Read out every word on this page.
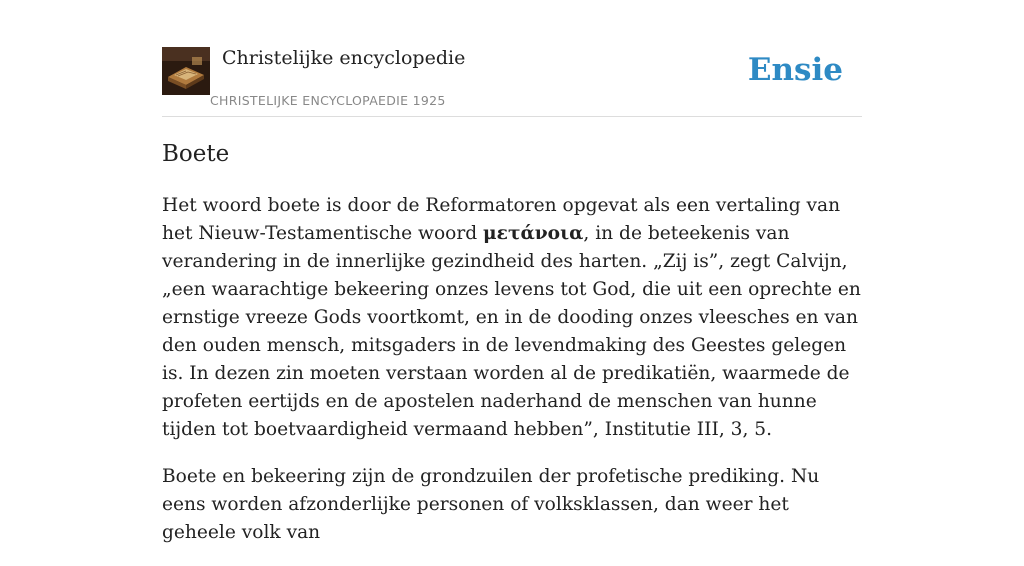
Christelijke encyclopedie
CHRISTELIJKE ENCYCLOPAEDIE 1925
Ensie
Boete

Het woord boete is door de Reformatoren opgevat als een vertaling van het Nieuw-Testamentische woord μετάνοια, in de beteekenis van verandering in de innerlijke gezindheid des harten. „Zij is”, zegt Calvijn, „een waarachtige bekeering onzes levens tot God, die uit een oprechte en ernstige vreeze Gods voortkomt, en in de dooding onzes vleesches en van den ouden mensch, mitsgaders in de levendmaking des Geestes gelegen is. In dezen zin moeten verstaan worden al de predikatiën, waarmede de profeten eertijds en de apostelen naderhand de menschen van hunne tijden tot boetvaardigheid vermaand hebben”, Institutie III, 3, 5.

Boete en bekeering zijn de grondzuilen der profetische prediking. Nu eens worden afzonderlijke personen of volksklassen, dan weer het geheele volk van
